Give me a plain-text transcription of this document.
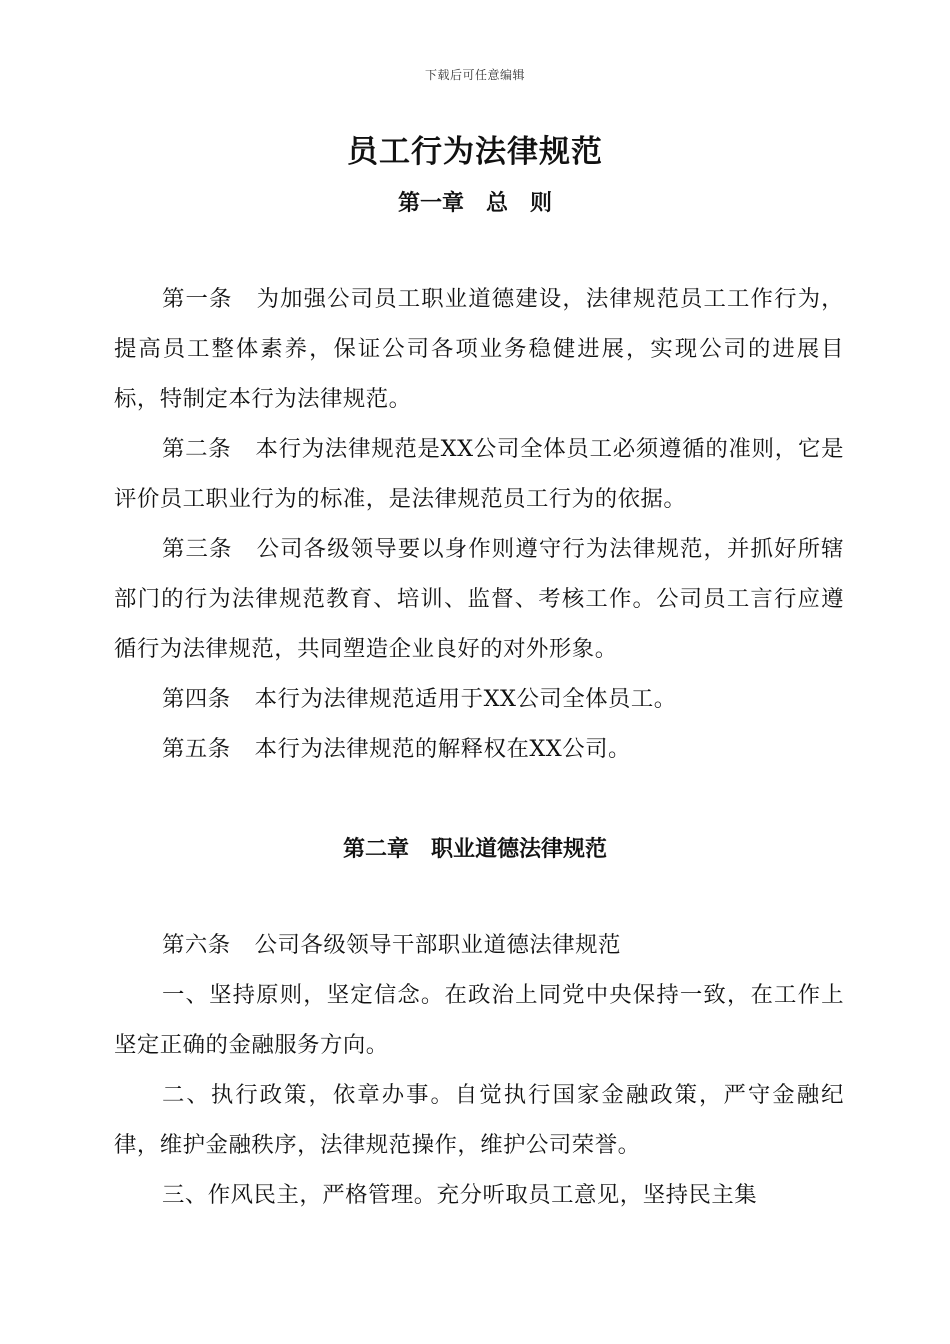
下载后可任意编辑
员工行为法律规范
第一章 总 则

第一条 为加强公司员工职业道德建设，法律规范员工工作行为，提高员工整体素养，保证公司各项业务稳健进展，实现公司的进展目标，特制定本行为法律规范。

第二条 本行为法律规范是XX公司全体员工必须遵循的准则，它是评价员工职业行为的标准，是法律规范员工行为的依据。

第三条 公司各级领导要以身作则遵守行为法律规范，并抓好所辖部门的行为法律规范教育、培训、监督、考核工作。公司员工言行应遵循行为法律规范，共同塑造企业良好的对外形象。

第四条 本行为法律规范适用于XX公司全体员工。

第五条 本行为法律规范的解释权在XX公司。

第二章 职业道德法律规范

第六条 公司各级领导干部职业道德法律规范

一、坚持原则，坚定信念。在政治上同党中央保持一致，在工作上坚定正确的金融服务方向。

二、执行政策，依章办事。自觉执行国家金融政策，严守金融纪律，维护金融秩序，法律规范操作，维护公司荣誉。

三、作风民主，严格管理。充分听取员工意见，坚持民主集
